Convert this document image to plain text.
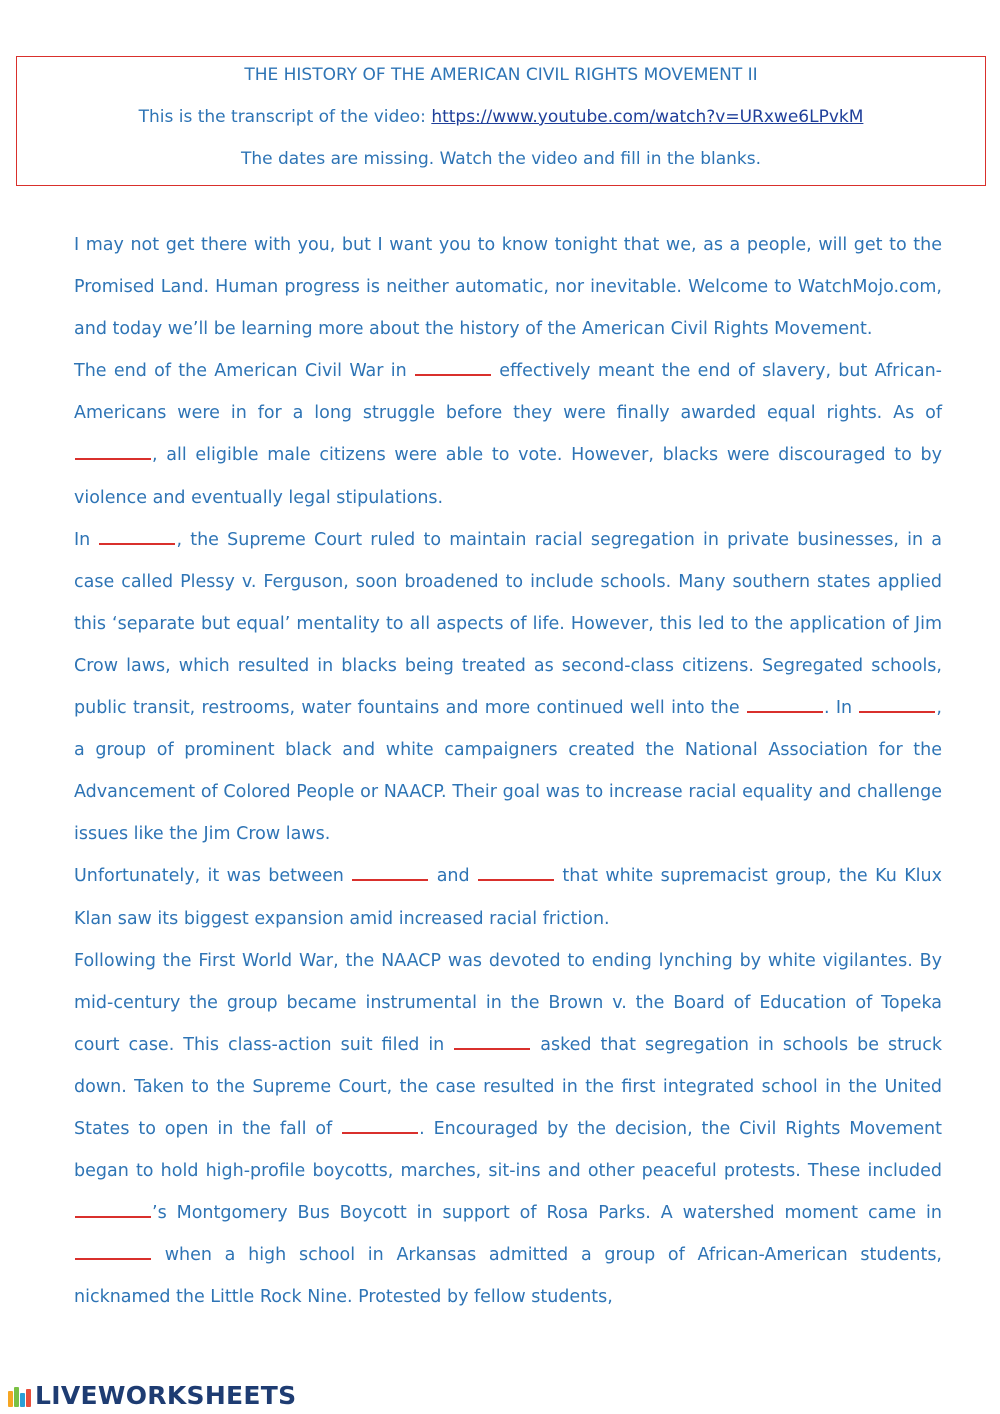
THE HISTORY OF THE AMERICAN CIVIL RIGHTS MOVEMENT II
This is the transcript of the video: https://www.youtube.com/watch?v=URxwe6LPvkM
The dates are missing. Watch the video and fill in the blanks.

I may not get there with you, but I want you to know tonight that we, as a people, will get to the Promised Land. Human progress is neither automatic, nor inevitable. Welcome to WatchMojo.com, and today we’ll be learning more about the history of the American Civil Rights Movement.

The end of the American Civil War in	effectively meant the end of slavery, but African-Americans were in for a long struggle before they were finally awarded equal rights. As of , all eligible male citizens were able to vote. However, blacks were discouraged to by violence and eventually legal stipulations.

In	, the Supreme Court ruled to maintain racial segregation in private businesses, in a case called Plessy v. Ferguson, soon broadened to include schools. Many southern states applied this ‘separate but equal’ mentality to all aspects of life. However, this led to the application of Jim Crow laws, which resulted in blacks being treated as second-class citizens. Segregated schools, public transit, restrooms, water fountains and more continued well into the	. In	, a group of prominent black and white campaigners created the National Association for the Advancement of Colored People or NAACP. Their goal was to increase racial equality and challenge issues like the Jim Crow laws.

Unfortunately, it was between	and	that white supremacist group, the Ku Klux Klan saw its biggest expansion amid increased racial friction.

Following the First World War, the NAACP was devoted to ending lynching by white vigilantes. By mid-century the group became instrumental in the Brown v. the Board of Education of Topeka court case. This class-action suit filed in	asked that segregation in schools be struck down. Taken to the Supreme Court, the case resulted in the first integrated school in the United States to open in the fall of	. Encouraged by the decision, the Civil Rights Movement began to hold high-profile boycotts, marches, sit-ins and other peaceful protests. These included ’s Montgomery Bus Boycott in support of Rosa Parks. A watershed moment came in  when a high school in Arkansas admitted a group of African-American students, nicknamed the Little Rock Nine. Protested by fellow students,

LIVEWORKSHEETS
